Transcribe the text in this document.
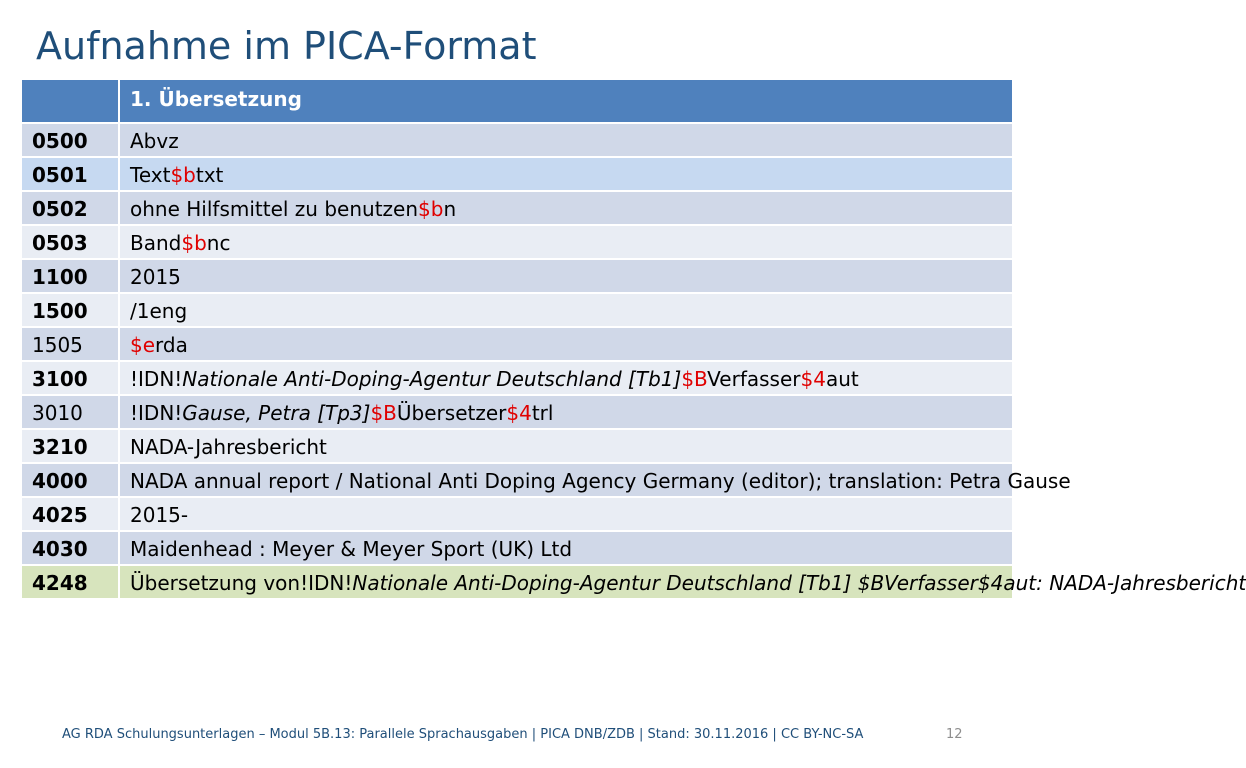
Aufnahme im PICA-Format
	1. Übersetzung
0500	Abvz
0501	Text$btxt
0502	ohne Hilfsmittel zu benutzen$bn
0503	Band$bnc
1100	2015
1500	/1eng
1505	$erda
3100	!IDN!Nationale Anti-Doping-Agentur Deutschland [Tb1]$BVerfasser$4aut
3010	!IDN!Gause, Petra [Tp3]$BÜbersetzer$4trl
3210	NADA-Jahresbericht
4000	NADA annual report / National Anti Doping Agency Germany (editor); translation: Petra Gause
4025	2015-
4030	Maidenhead : Meyer & Meyer Sport (UK) Ltd
4248	Übersetzung von!IDN!Nationale Anti-Doping-Agentur Deutschland [Tb1] $BVerfasser$4aut: NADA-Jahresbericht
AG RDA Schulungsunterlagen – Modul 5B.13: Parallele Sprachausgaben | PICA DNB/ZDB | Stand: 30.11.2016 | CC BY-NC-SA	12
